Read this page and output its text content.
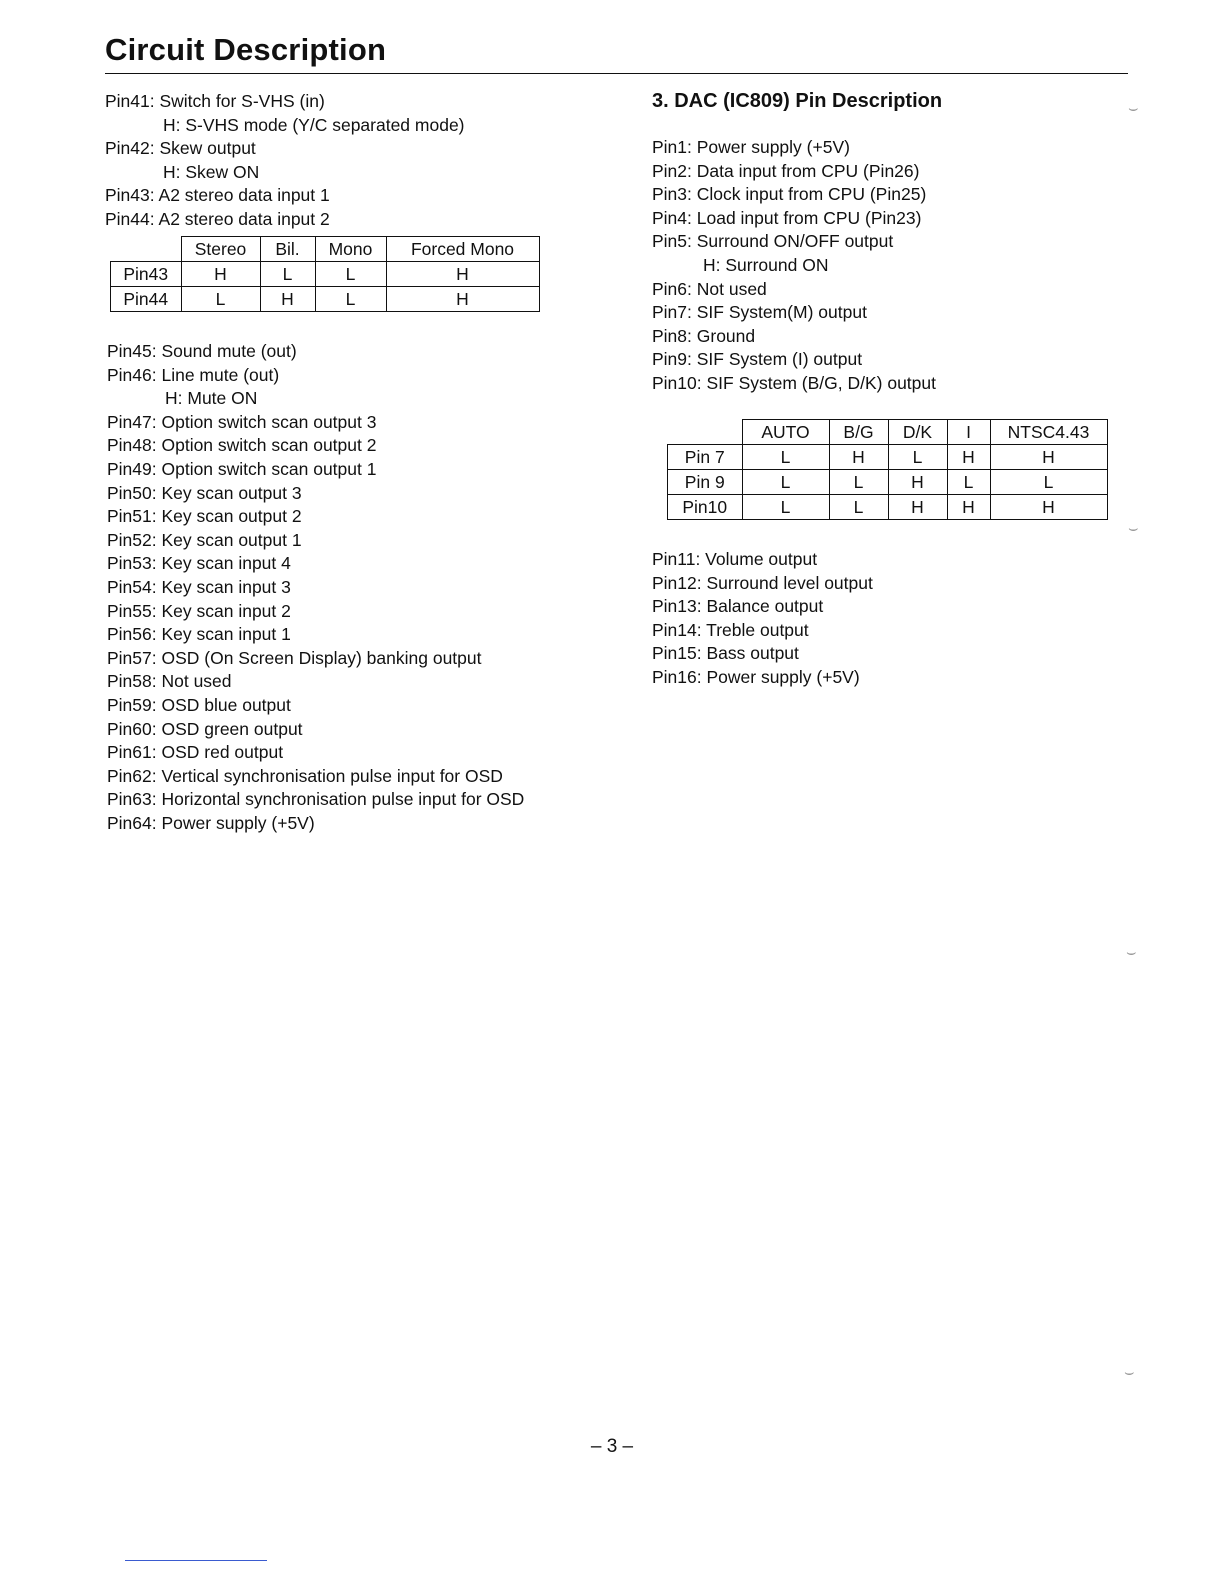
Circuit Description
Pin41: Switch for S-VHS (in)
H: S-VHS mode (Y/C separated mode)
Pin42: Skew output
H: Skew ON
Pin43: A2 stereo data input 1
Pin44: A2 stereo data input 2
	Stereo	Bil.	Mono	Forced Mono
Pin43	H	L	L	H
Pin44	L	H	L	H
Pin45: Sound mute (out)
Pin46: Line mute (out)
H: Mute ON
Pin47: Option switch scan output 3
Pin48: Option switch scan output 2
Pin49: Option switch scan output 1
Pin50: Key scan output 3
Pin51: Key scan output 2
Pin52: Key scan output 1
Pin53: Key scan input 4
Pin54: Key scan input 3
Pin55: Key scan input 2
Pin56: Key scan input 1
Pin57: OSD (On Screen Display) banking output
Pin58: Not used
Pin59: OSD blue output
Pin60: OSD green output
Pin61: OSD red output
Pin62: Vertical synchronisation pulse input for OSD
Pin63: Horizontal synchronisation pulse input for OSD
Pin64: Power supply (+5V)
3. DAC (IC809) Pin Description
Pin1: Power supply (+5V)
Pin2: Data input from CPU (Pin26)
Pin3: Clock input from CPU (Pin25)
Pin4: Load input from CPU (Pin23)
Pin5: Surround ON/OFF output
H: Surround ON
Pin6: Not used
Pin7: SIF System(M) output
Pin8: Ground
Pin9: SIF System (I) output
Pin10: SIF System (B/G, D/K) output
	AUTO	B/G	D/K	I	NTSC4.43
Pin 7	L	H	L	H	H
Pin 9	L	L	H	L	L
Pin10	L	L	H	H	H
Pin11: Volume output
Pin12: Surround level output
Pin13: Balance output
Pin14: Treble output
Pin15: Bass output
Pin16: Power supply (+5V)
– 3 –
⌣
⌣
⌣
⌣
